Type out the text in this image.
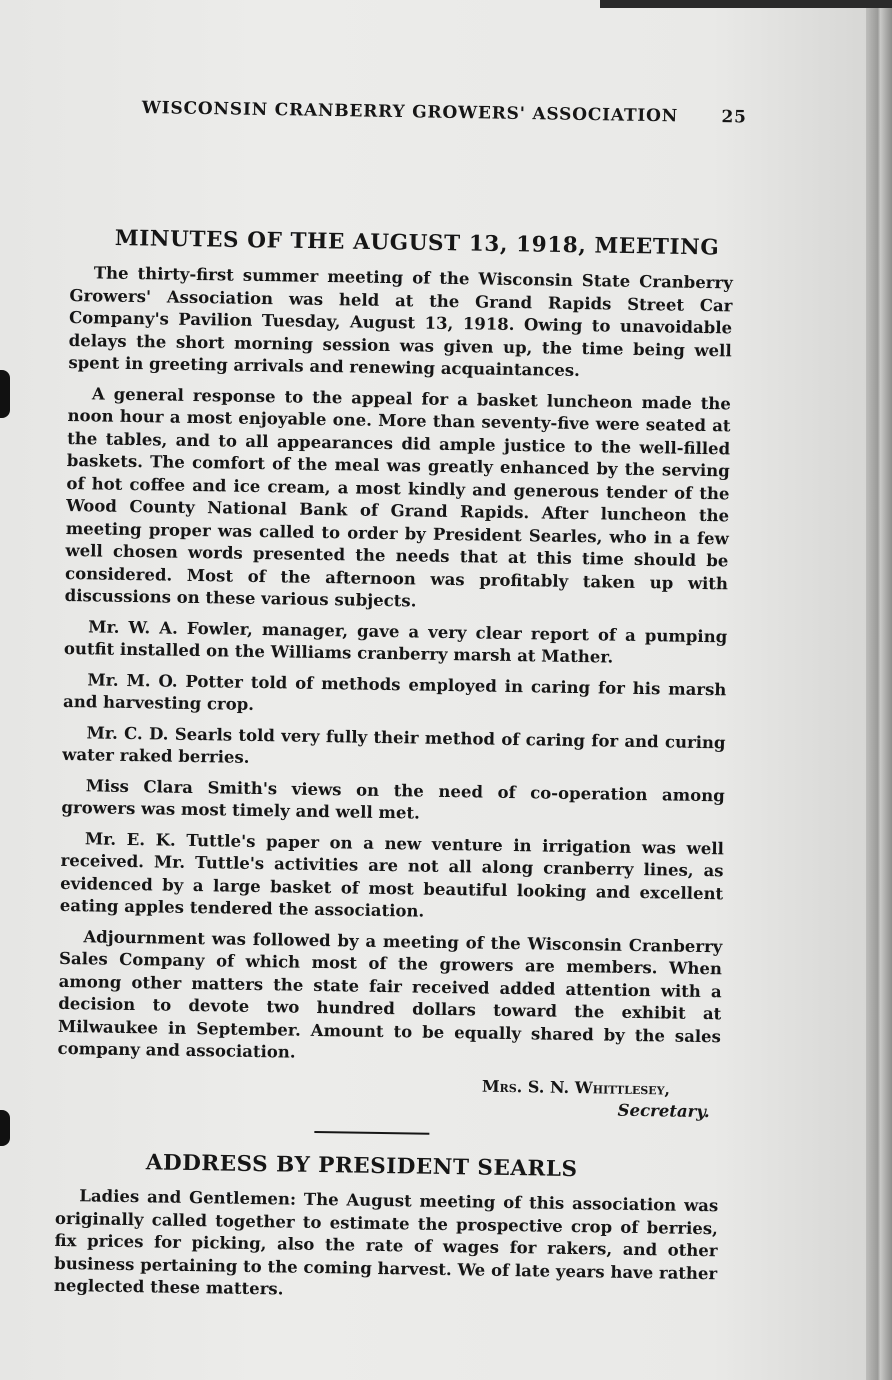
WISCONSIN CRANBERRY GROWERS' ASSOCIATION	25
MINUTES OF THE AUGUST 13, 1918, MEETING

The thirty-first summer meeting of the Wisconsin State Cranberry Growers' Association was held at the Grand Rapids Street Car Company's Pavilion Tuesday, August 13, 1918. Owing to unavoidable delays the short morning session was given up, the time being well spent in greeting arrivals and renewing acquaintances.

A general response to the appeal for a basket luncheon made the noon hour a most enjoyable one. More than seventy-five were seated at the tables, and to all appearances did ample justice to the well-filled baskets. The comfort of the meal was greatly enhanced by the serving of hot coffee and ice cream, a most kindly and generous tender of the Wood County National Bank of Grand Rapids. After luncheon the meeting proper was called to order by President Searles, who in a few well chosen words presented the needs that at this time should be considered. Most of the afternoon was profitably taken up with discussions on these various subjects.

Mr. W. A. Fowler, manager, gave a very clear report of a pumping outfit installed on the Williams cranberry marsh at Mather.

Mr. M. O. Potter told of methods employed in caring for his marsh and harvesting crop.

Mr. C. D. Searls told very fully their method of caring for and curing water raked berries.

Miss Clara Smith's views on the need of co-operation among growers was most timely and well met.

Mr. E. K. Tuttle's paper on a new venture in irrigation was well received. Mr. Tuttle's activities are not all along cranberry lines, as evidenced by a large basket of most beautiful looking and excellent eating apples tendered the association.

Adjournment was followed by a meeting of the Wisconsin Cranberry Sales Company of which most of the growers are members. When among other matters the state fair received added attention with a decision to devote two hundred dollars toward the exhibit at Milwaukee in September. Amount to be equally shared by the sales company and association.

Mrs. S. N. Whittlesey,
Secretary.
ADDRESS BY PRESIDENT SEARLS

Ladies and Gentlemen: The August meeting of this association was originally called together to estimate the prospective crop of berries, fix prices for picking, also the rate of wages for rakers, and other business pertaining to the coming harvest. We of late years have rather neglected these matters.
